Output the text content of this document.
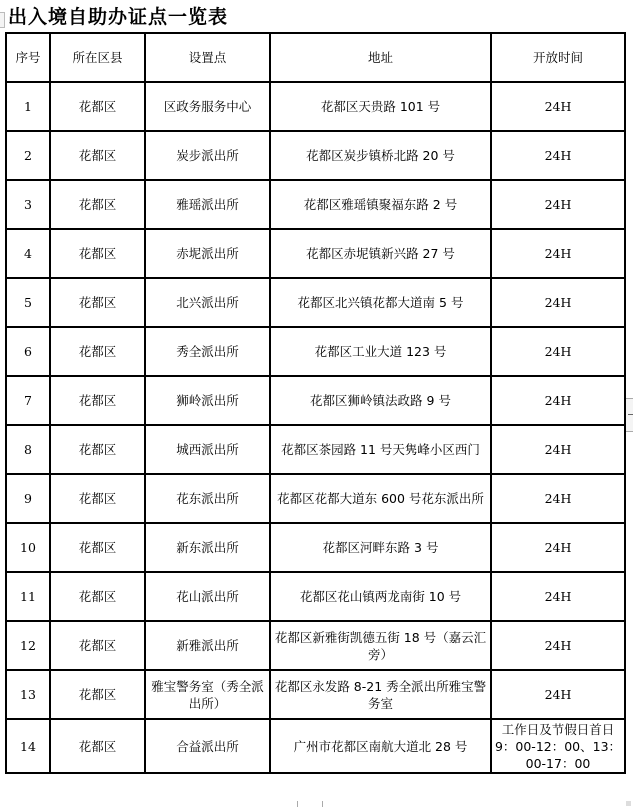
出入境自助办证点一览表
序号	所在区县	设置点	地址	开放时间
1	花都区	区政务服务中心	花都区天贵路 101 号	24H
2	花都区	炭步派出所	花都区炭步镇桥北路 20 号	24H
3	花都区	雅瑶派出所	花都区雅瑶镇聚福东路 2 号	24H
4	花都区	赤坭派出所	花都区赤坭镇新兴路 27 号	24H
5	花都区	北兴派出所	花都区北兴镇花都大道南 5 号	24H
6	花都区	秀全派出所	花都区工业大道 123 号	24H
7	花都区	狮岭派出所	花都区狮岭镇法政路 9 号	24H
8	花都区	城西派出所	花都区茶园路 11 号天隽峰小区西门	24H
9	花都区	花东派出所	花都区花都大道东 600 号花东派出所	24H
10	花都区	新东派出所	花都区河畔东路 3 号	24H
11	花都区	花山派出所	花都区花山镇两龙南街 10 号	24H
12	花都区	新雅派出所	花都区新雅街凯德五街 18 号（嘉云汇旁）	24H
13	花都区	雅宝警务室（秀全派出所）	花都区永发路 8-21 秀全派出所雅宝警务室	24H
14	花都区	合益派出所	广州市花都区南航大道北 28 号	工作日及节假日首日 9：00-12：00、13：00-17：00
